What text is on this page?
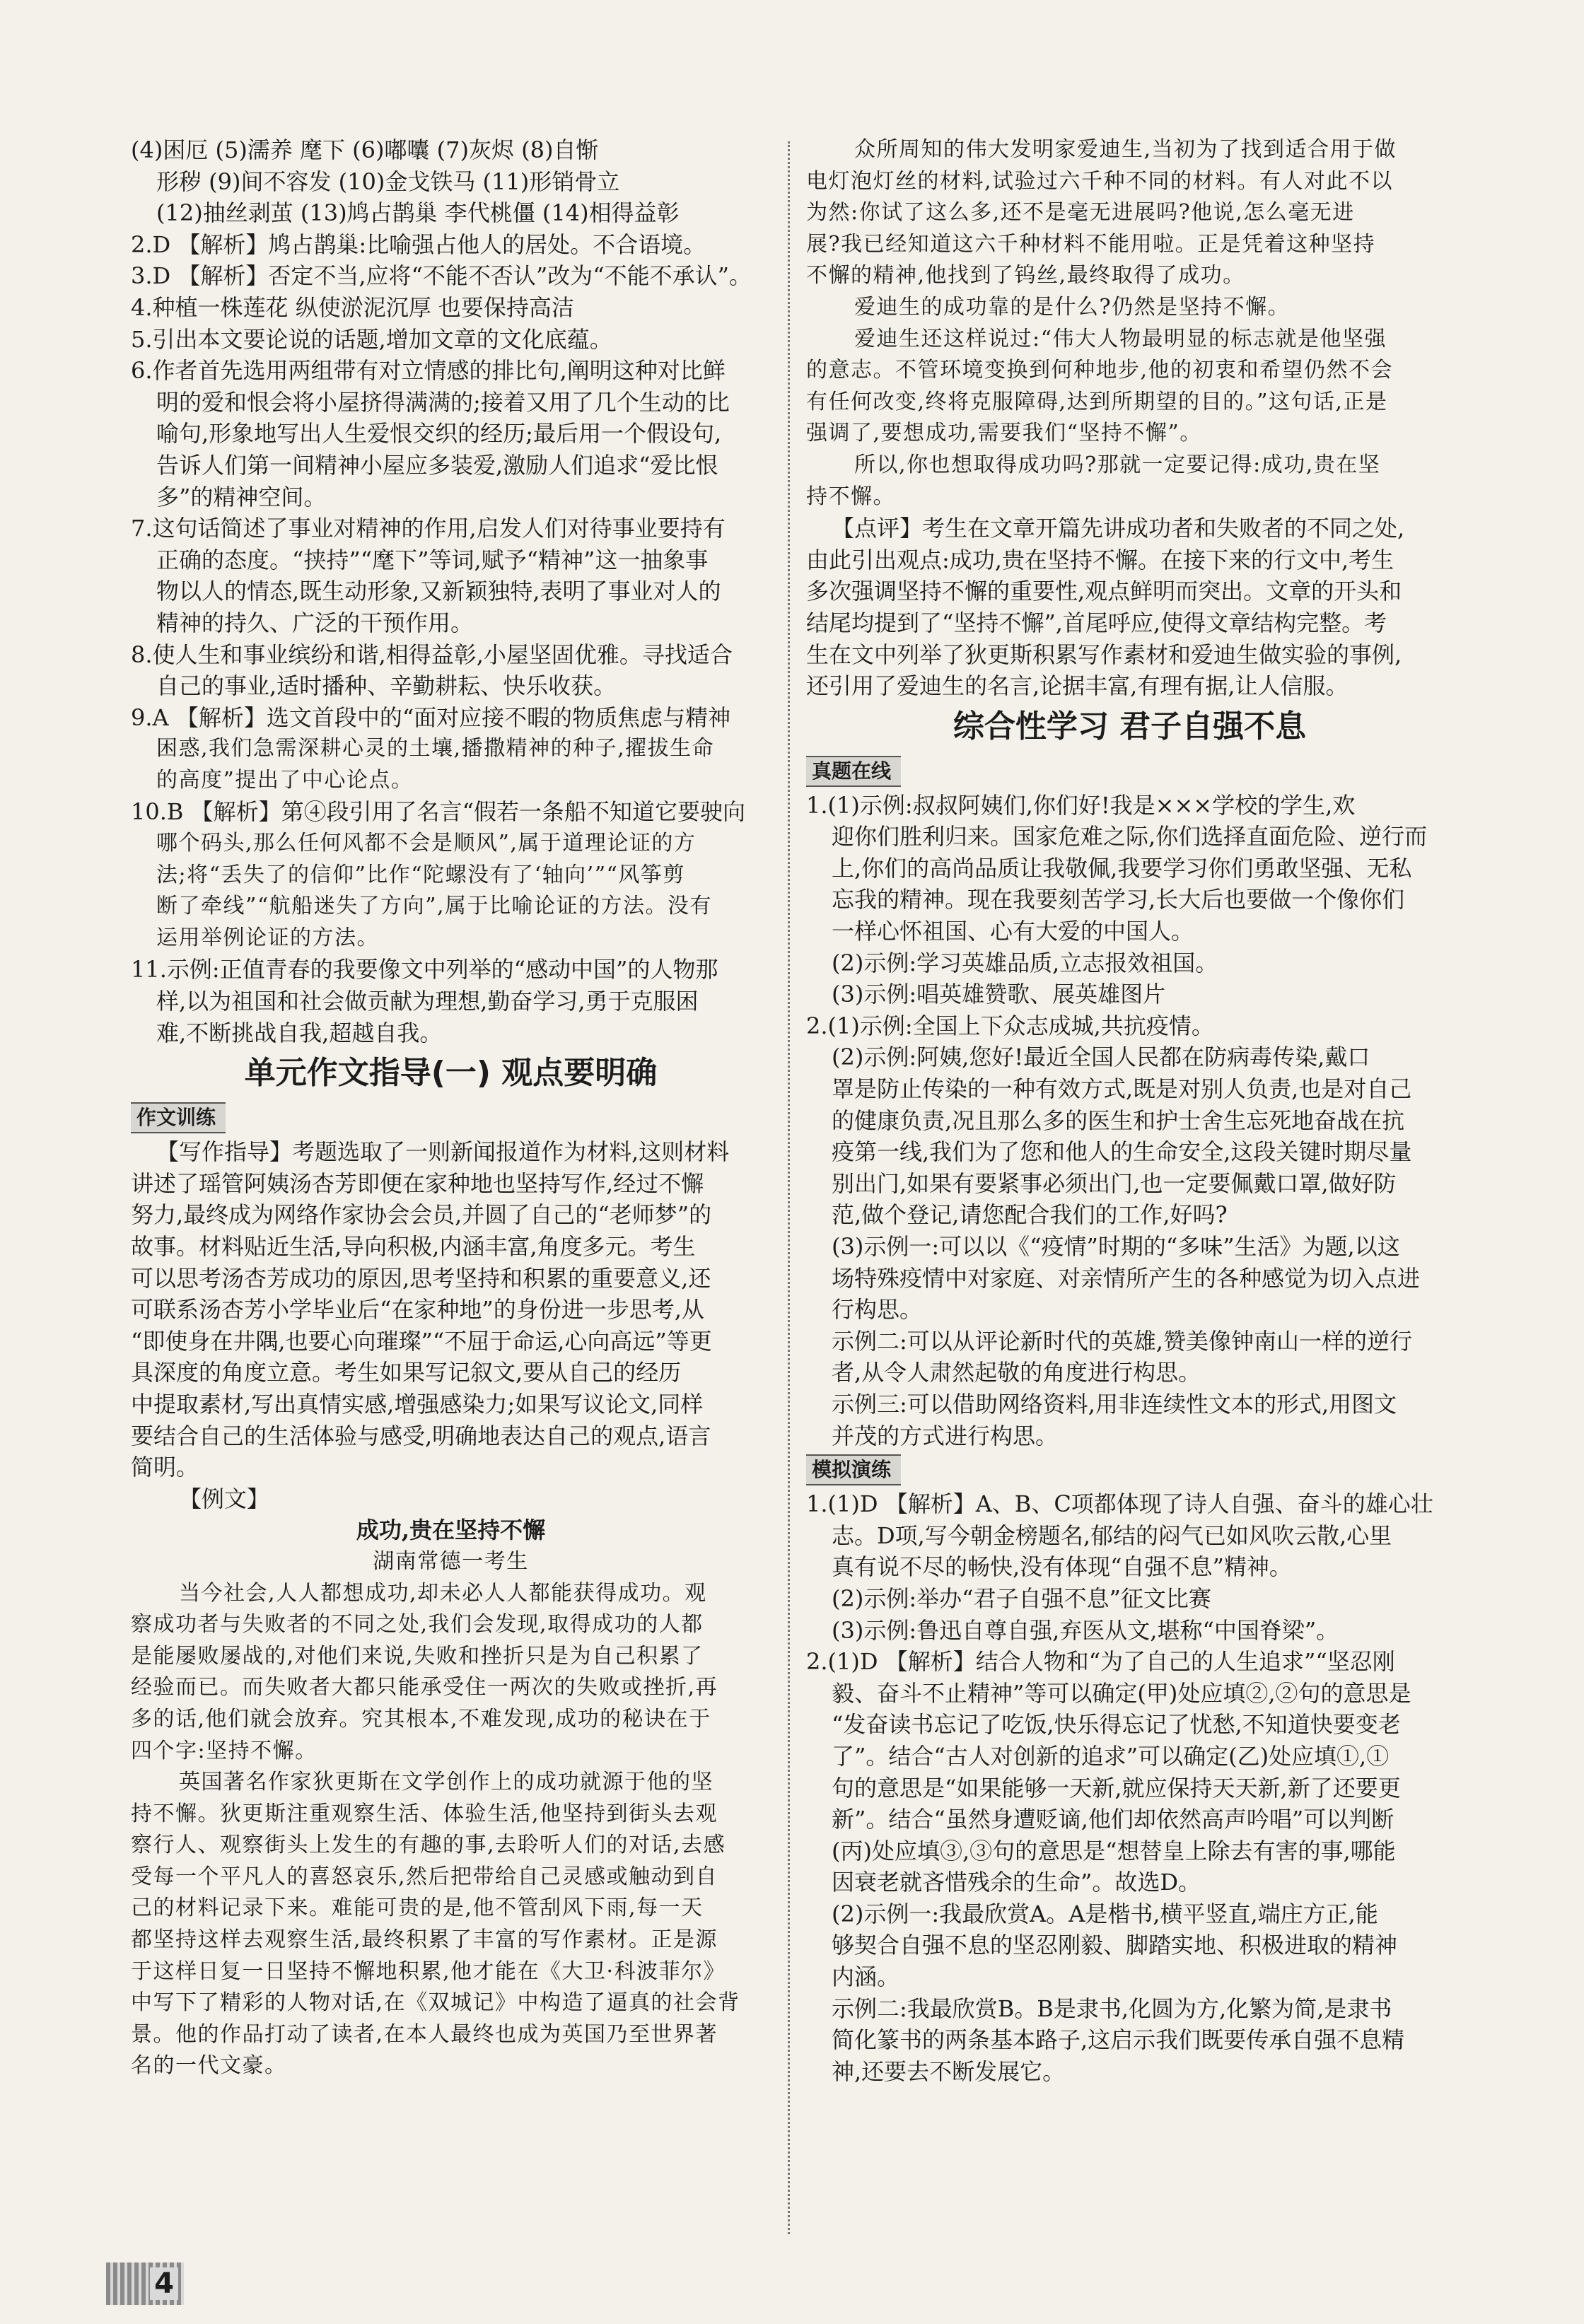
(4)困厄 (5)濡养 麾下 (6)嘟囔 (7)灰烬 (8)自惭
形秽 (9)间不容发 (10)金戈铁马 (11)形销骨立
(12)抽丝剥茧 (13)鸠占鹊巢 李代桃僵 (14)相得益彰
2.D 【解析】鸠占鹊巢:比喻强占他人的居处。不合语境。
3.D 【解析】否定不当,应将“不能不否认”改为“不能不承认”。
4.种植一株莲花 纵使淤泥沉厚 也要保持高洁
5.引出本文要论说的话题,增加文章的文化底蕴。
6.作者首先选用两组带有对立情感的排比句,阐明这种对比鲜
明的爱和恨会将小屋挤得满满的;接着又用了几个生动的比
喻句,形象地写出人生爱恨交织的经历;最后用一个假设句,
告诉人们第一间精神小屋应多装爱,激励人们追求“爱比恨
多”的精神空间。
7.这句话简述了事业对精神的作用,启发人们对待事业要持有
正确的态度。“挟持”“麾下”等词,赋予“精神”这一抽象事
物以人的情态,既生动形象,又新颖独特,表明了事业对人的
精神的持久、广泛的干预作用。
8.使人生和事业缤纷和谐,相得益彰,小屋坚固优雅。寻找适合
自己的事业,适时播种、辛勤耕耘、快乐收获。
9.A 【解析】选文首段中的“面对应接不暇的物质焦虑与精神
困惑,我们急需深耕心灵的土壤,播撒精神的种子,擢拔生命
的高度”提出了中心论点。
10.B 【解析】第④段引用了名言“假若一条船不知道它要驶向
哪个码头,那么任何风都不会是顺风”,属于道理论证的方
法;将“丢失了的信仰”比作“陀螺没有了‘轴向’”“风筝剪
断了牵线”“航船迷失了方向”,属于比喻论证的方法。没有
运用举例论证的方法。
11.示例:正值青春的我要像文中列举的“感动中国”的人物那
样,以为祖国和社会做贡献为理想,勤奋学习,勇于克服困
难,不断挑战自我,超越自我。
单元作文指导(一) 观点要明确
作文训练
【写作指导】考题选取了一则新闻报道作为材料,这则材料
讲述了瑶管阿姨汤杏芳即便在家种地也坚持写作,经过不懈
努力,最终成为网络作家协会会员,并圆了自己的“老师梦”的
故事。材料贴近生活,导向积极,内涵丰富,角度多元。考生
可以思考汤杏芳成功的原因,思考坚持和积累的重要意义,还
可联系汤杏芳小学毕业后“在家种地”的身份进一步思考,从
“即使身在井隅,也要心向璀璨”“不屈于命运,心向高远”等更
具深度的角度立意。考生如果写记叙文,要从自己的经历
中提取素材,写出真情实感,增强感染力;如果写议论文,同样
要结合自己的生活体验与感受,明确地表达自己的观点,语言
简明。
【例文】
成功,贵在坚持不懈
湖南常德一考生
当今社会,人人都想成功,却未必人人都能获得成功。观
察成功者与失败者的不同之处,我们会发现,取得成功的人都
是能屡败屡战的,对他们来说,失败和挫折只是为自己积累了
经验而已。而失败者大都只能承受住一两次的失败或挫折,再
多的话,他们就会放弃。究其根本,不难发现,成功的秘诀在于
四个字:坚持不懈。
英国著名作家狄更斯在文学创作上的成功就源于他的坚
持不懈。狄更斯注重观察生活、体验生活,他坚持到街头去观
察行人、观察街头上发生的有趣的事,去聆听人们的对话,去感
受每一个平凡人的喜怒哀乐,然后把带给自己灵感或触动到自
己的材料记录下来。难能可贵的是,他不管刮风下雨,每一天
都坚持这样去观察生活,最终积累了丰富的写作素材。正是源
于这样日复一日坚持不懈地积累,他才能在《大卫·科波菲尔》
中写下了精彩的人物对话,在《双城记》中构造了逼真的社会背
景。他的作品打动了读者,在本人最终也成为英国乃至世界著
名的一代文豪。
众所周知的伟大发明家爱迪生,当初为了找到适合用于做
电灯泡灯丝的材料,试验过六千种不同的材料。有人对此不以
为然:你试了这么多,还不是毫无进展吗?他说,怎么毫无进
展?我已经知道这六千种材料不能用啦。正是凭着这种坚持
不懈的精神,他找到了钨丝,最终取得了成功。
爱迪生的成功靠的是什么?仍然是坚持不懈。
爱迪生还这样说过:“伟大人物最明显的标志就是他坚强
的意志。不管环境变换到何种地步,他的初衷和希望仍然不会
有任何改变,终将克服障碍,达到所期望的目的。”这句话,正是
强调了,要想成功,需要我们“坚持不懈”。
所以,你也想取得成功吗?那就一定要记得:成功,贵在坚
持不懈。
【点评】考生在文章开篇先讲成功者和失败者的不同之处,
由此引出观点:成功,贵在坚持不懈。在接下来的行文中,考生
多次强调坚持不懈的重要性,观点鲜明而突出。文章的开头和
结尾均提到了“坚持不懈”,首尾呼应,使得文章结构完整。考
生在文中列举了狄更斯积累写作素材和爱迪生做实验的事例,
还引用了爱迪生的名言,论据丰富,有理有据,让人信服。
综合性学习 君子自强不息
真题在线
1.(1)示例:叔叔阿姨们,你们好!我是×××学校的学生,欢
迎你们胜利归来。国家危难之际,你们选择直面危险、逆行而
上,你们的高尚品质让我敬佩,我要学习你们勇敢坚强、无私
忘我的精神。现在我要刻苦学习,长大后也要做一个像你们
一样心怀祖国、心有大爱的中国人。
(2)示例:学习英雄品质,立志报效祖国。
(3)示例:唱英雄赞歌、展英雄图片
2.(1)示例:全国上下众志成城,共抗疫情。
(2)示例:阿姨,您好!最近全国人民都在防病毒传染,戴口
罩是防止传染的一种有效方式,既是对别人负责,也是对自己
的健康负责,况且那么多的医生和护士舍生忘死地奋战在抗
疫第一线,我们为了您和他人的生命安全,这段关键时期尽量
别出门,如果有要紧事必须出门,也一定要佩戴口罩,做好防
范,做个登记,请您配合我们的工作,好吗?
(3)示例一:可以以《“疫情”时期的“多味”生活》为题,以这
场特殊疫情中对家庭、对亲情所产生的各种感觉为切入点进
行构思。
示例二:可以从评论新时代的英雄,赞美像钟南山一样的逆行
者,从令人肃然起敬的角度进行构思。
示例三:可以借助网络资料,用非连续性文本的形式,用图文
并茂的方式进行构思。
模拟演练
1.(1)D 【解析】A、B、C项都体现了诗人自强、奋斗的雄心壮
志。D项,写今朝金榜题名,郁结的闷气已如风吹云散,心里
真有说不尽的畅快,没有体现“自强不息”精神。
(2)示例:举办“君子自强不息”征文比赛
(3)示例:鲁迅自尊自强,弃医从文,堪称“中国脊梁”。
2.(1)D 【解析】结合人物和“为了自己的人生追求”“坚忍刚
毅、奋斗不止精神”等可以确定(甲)处应填②,②句的意思是
“发奋读书忘记了吃饭,快乐得忘记了忧愁,不知道快要变老
了”。结合“古人对创新的追求”可以确定(乙)处应填①,①
句的意思是“如果能够一天新,就应保持天天新,新了还要更
新”。结合“虽然身遭贬谪,他们却依然高声吟唱”可以判断
(丙)处应填③,③句的意思是“想替皇上除去有害的事,哪能
因衰老就吝惜残余的生命”。故选D。
(2)示例一:我最欣赏A。A是楷书,横平竖直,端庄方正,能
够契合自强不息的坚忍刚毅、脚踏实地、积极进取的精神
内涵。
示例二:我最欣赏B。B是隶书,化圆为方,化繁为简,是隶书
简化篆书的两条基本路子,这启示我们既要传承自强不息精
神,还要去不断发展它。
4
